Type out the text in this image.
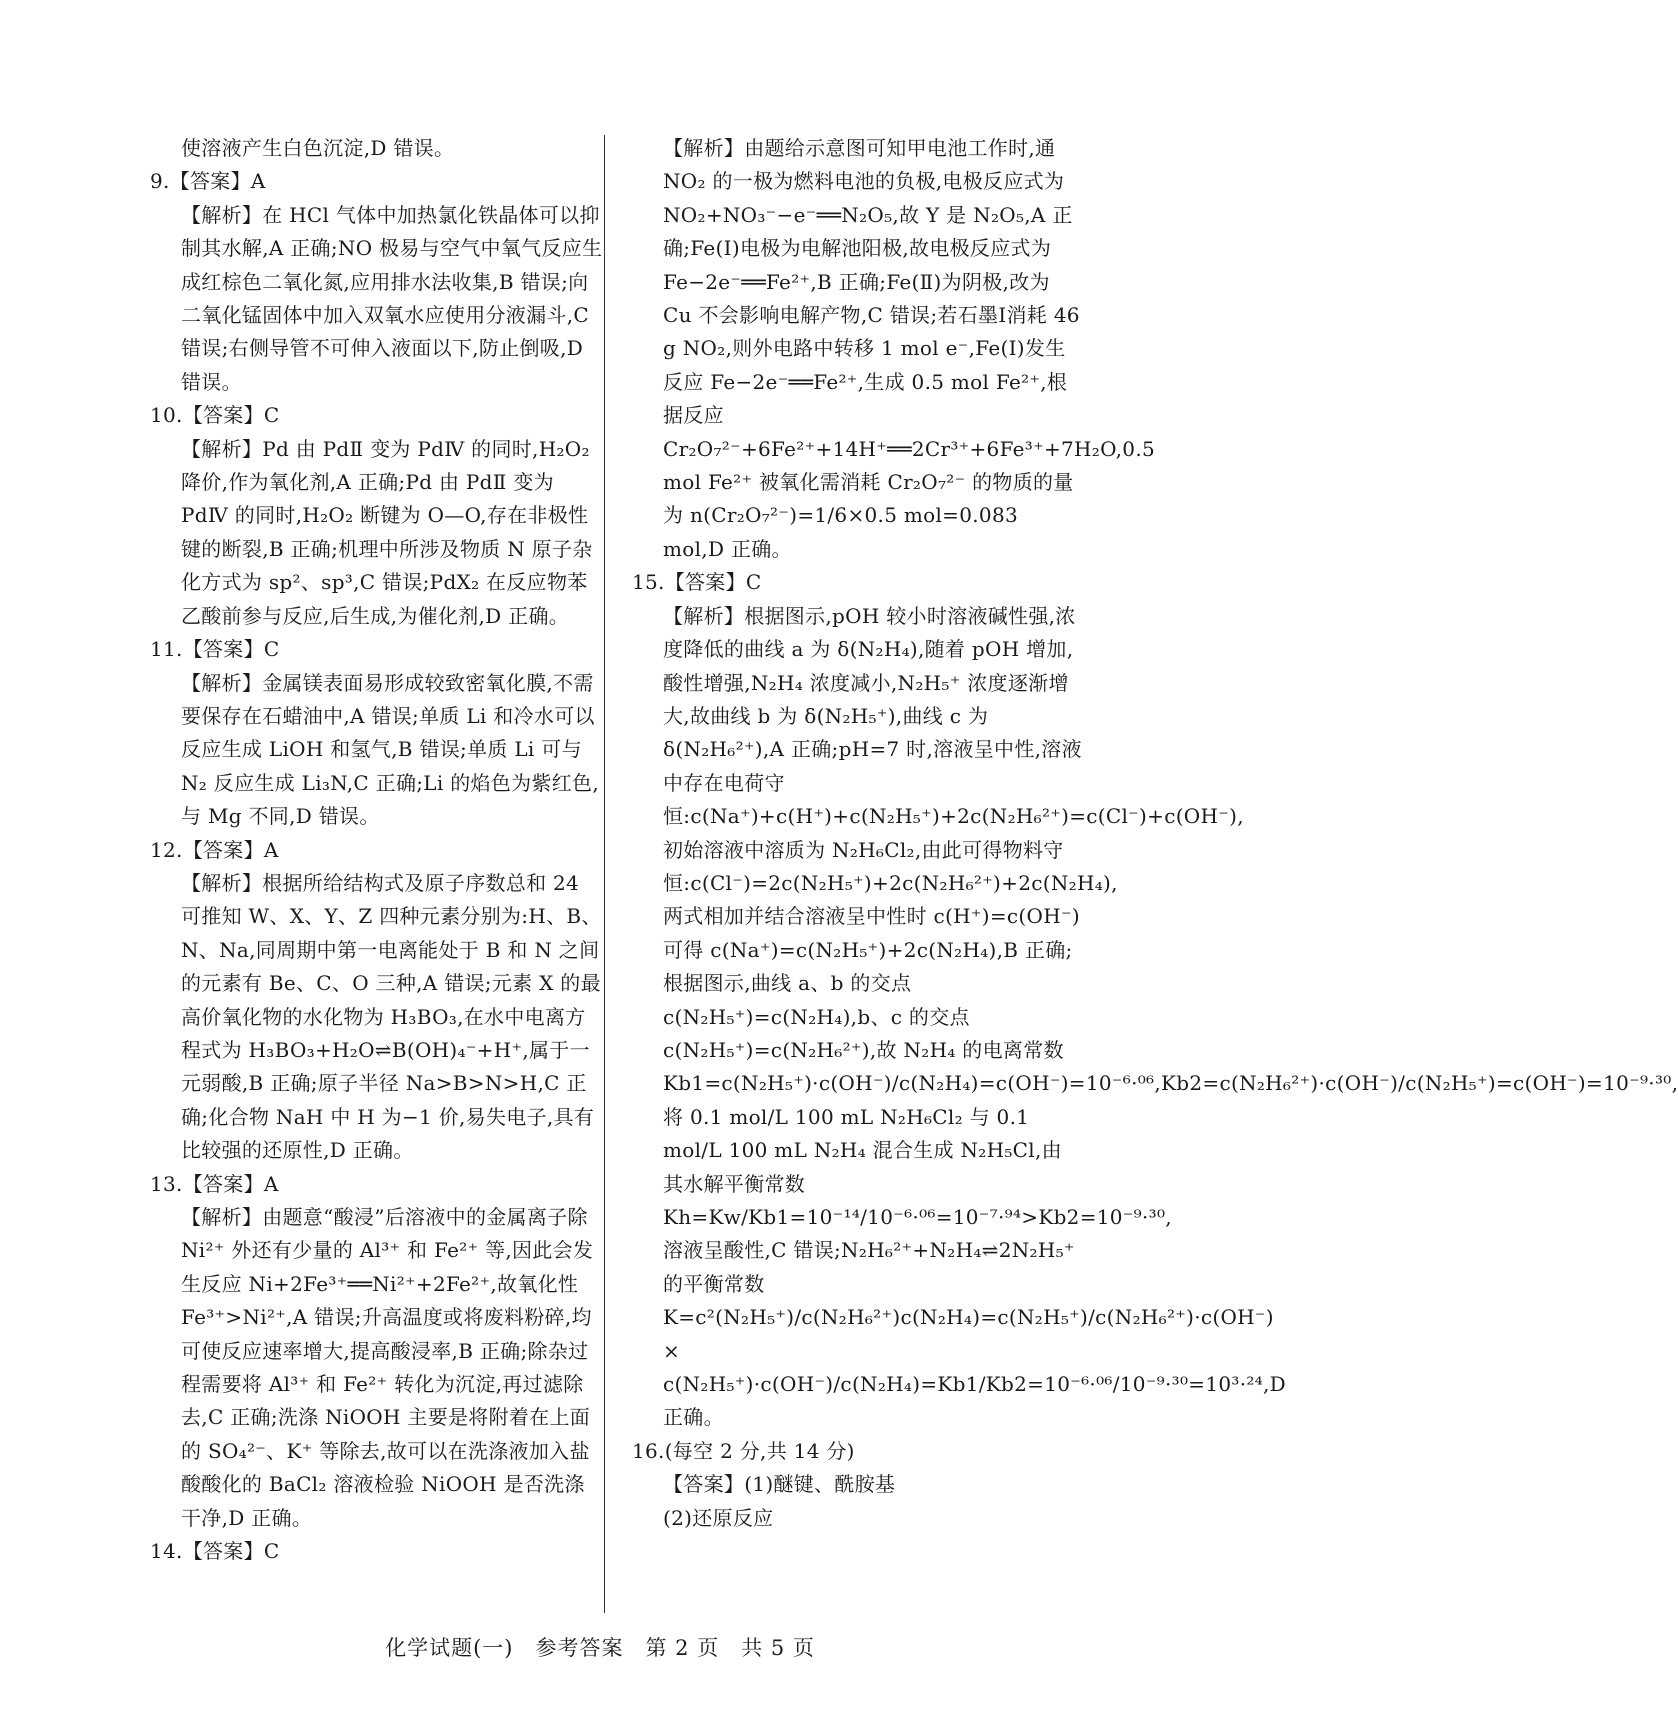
使溶液产生白色沉淀,D 错误。

9.【答案】A

【解析】在 HCl 气体中加热氯化铁晶体可以抑制其水解,A 正确;NO 极易与空气中氧气反应生成红棕色二氧化氮,应用排水法收集,B 错误;向二氧化锰固体中加入双氧水应使用分液漏斗,C 错误;右侧导管不可伸入液面以下,防止倒吸,D 错误。

10.【答案】C

【解析】Pd 由 PdⅡ 变为 PdⅣ 的同时,H₂O₂ 降价,作为氧化剂,A 正确;Pd 由 PdⅡ 变为 PdⅣ 的同时,H₂O₂ 断键为 O—O,存在非极性键的断裂,B 正确;机理中所涉及物质 N 原子杂化方式为 sp²、sp³,C 错误;PdX₂ 在反应物苯乙酸前参与反应,后生成,为催化剂,D 正确。

11.【答案】C

【解析】金属镁表面易形成较致密氧化膜,不需要保存在石蜡油中,A 错误;单质 Li 和冷水可以反应生成 LiOH 和氢气,B 错误;单质 Li 可与 N₂ 反应生成 Li₃N,C 正确;Li 的焰色为紫红色,与 Mg 不同,D 错误。

12.【答案】A

【解析】根据所给结构式及原子序数总和 24 可推知 W、X、Y、Z 四种元素分别为:H、B、N、Na,同周期中第一电离能处于 B 和 N 之间的元素有 Be、C、O 三种,A 错误;元素 X 的最高价氧化物的水化物为 H₃BO₃,在水中电离方程式为 H₃BO₃+H₂O⇌B(OH)₄⁻+H⁺,属于一元弱酸,B 正确;原子半径 Na>B>N>H,C 正确;化合物 NaH 中 H 为−1 价,易失电子,具有比较强的还原性,D 正确。

13.【答案】A

【解析】由题意“酸浸”后溶液中的金属离子除 Ni²⁺ 外还有少量的 Al³⁺ 和 Fe²⁺ 等,因此会发生反应 Ni+2Fe³⁺══Ni²⁺+2Fe²⁺,故氧化性 Fe³⁺>Ni²⁺,A 错误;升高温度或将废料粉碎,均可使反应速率增大,提高酸浸率,B 正确;除杂过程需要将 Al³⁺ 和 Fe²⁺ 转化为沉淀,再过滤除去,C 正确;洗涤 NiOOH 主要是将附着在上面的 SO₄²⁻、K⁺ 等除去,故可以在洗涤液加入盐酸酸化的 BaCl₂ 溶液检验 NiOOH 是否洗涤干净,D 正确。

14.【答案】C

【解析】由题给示意图可知甲电池工作时,通 NO₂ 的一极为燃料电池的负极,电极反应式为 NO₂+NO₃⁻−e⁻══N₂O₅,故 Y 是 N₂O₅,A 正确;Fe(Ⅰ)电极为电解池阳极,故电极反应式为 Fe−2e⁻══Fe²⁺,B 正确;Fe(Ⅱ)为阴极,改为 Cu 不会影响电解产物,C 错误;若石墨Ⅰ消耗 46 g NO₂,则外电路中转移 1 mol e⁻,Fe(Ⅰ)发生反应 Fe−2e⁻══Fe²⁺,生成 0.5 mol Fe²⁺,根据反应 Cr₂O₇²⁻+6Fe²⁺+14H⁺══2Cr³⁺+6Fe³⁺+7H₂O,0.5 mol Fe²⁺ 被氧化需消耗 Cr₂O₇²⁻ 的物质的量为 n(Cr₂O₇²⁻)=1/6×0.5 mol=0.083 mol,D 正确。

15.【答案】C

【解析】根据图示,pOH 较小时溶液碱性强,浓度降低的曲线 a 为 δ(N₂H₄),随着 pOH 增加,酸性增强,N₂H₄ 浓度减小,N₂H₅⁺ 浓度逐渐增大,故曲线 b 为 δ(N₂H₅⁺),曲线 c 为 δ(N₂H₆²⁺),A 正确;pH=7 时,溶液呈中性,溶液中存在电荷守恒:c(Na⁺)+c(H⁺)+c(N₂H₅⁺)+2c(N₂H₆²⁺)=c(Cl⁻)+c(OH⁻),初始溶液中溶质为 N₂H₆Cl₂,由此可得物料守恒:c(Cl⁻)=2c(N₂H₅⁺)+2c(N₂H₆²⁺)+2c(N₂H₄),两式相加并结合溶液呈中性时 c(H⁺)=c(OH⁻)可得 c(Na⁺)=c(N₂H₅⁺)+2c(N₂H₄),B 正确;根据图示,曲线 a、b 的交点 c(N₂H₅⁺)=c(N₂H₄),b、c 的交点 c(N₂H₅⁺)=c(N₂H₆²⁺),故 N₂H₄ 的电离常数 Kb1=c(N₂H₅⁺)·c(OH⁻)/c(N₂H₄)=c(OH⁻)=10⁻⁶·⁰⁶,Kb2=c(N₂H₆²⁺)·c(OH⁻)/c(N₂H₅⁺)=c(OH⁻)=10⁻⁹·³⁰,将 0.1 mol/L 100 mL N₂H₆Cl₂ 与 0.1 mol/L 100 mL N₂H₄ 混合生成 N₂H₅Cl,由其水解平衡常数 Kh=Kw/Kb1=10⁻¹⁴/10⁻⁶·⁰⁶=10⁻⁷·⁹⁴>Kb2=10⁻⁹·³⁰,溶液呈酸性,C 错误;N₂H₆²⁺+N₂H₄⇌2N₂H₅⁺ 的平衡常数 K=c²(N₂H₅⁺)/c(N₂H₆²⁺)c(N₂H₄)=c(N₂H₅⁺)/c(N₂H₆²⁺)·c(OH⁻) × c(N₂H₅⁺)·c(OH⁻)/c(N₂H₄)=Kb1/Kb2=10⁻⁶·⁰⁶/10⁻⁹·³⁰=10³·²⁴,D 正确。

16.(每空 2 分,共 14 分)

【答案】(1)醚键、酰胺基

(2)还原反应

化学试题(一)　参考答案　第 2 页　共 5 页
